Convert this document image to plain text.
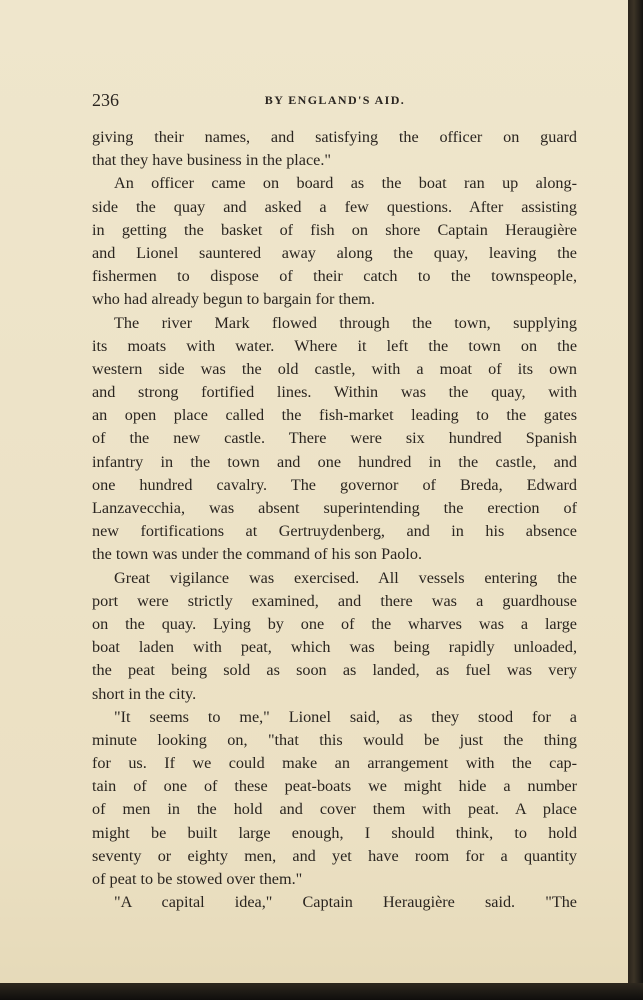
236	BY ENGLAND'S AID.
giving their names, and satisfying the officer on guard
that they have business in the place."
An officer came on board as the boat ran up along-
side the quay and asked a few questions. After assisting
in getting the basket of fish on shore Captain Heraugière
and Lionel sauntered away along the quay, leaving the
fishermen to dispose of their catch to the townspeople,
who had already begun to bargain for them.
The river Mark flowed through the town, supplying
its moats with water. Where it left the town on the
western side was the old castle, with a moat of its own
and strong fortified lines. Within was the quay, with
an open place called the fish-market leading to the gates
of the new castle. There were six hundred Spanish
infantry in the town and one hundred in the castle, and
one hundred cavalry. The governor of Breda, Edward
Lanzavecchia, was absent superintending the erection of
new fortifications at Gertruydenberg, and in his absence
the town was under the command of his son Paolo.
Great vigilance was exercised. All vessels entering the
port were strictly examined, and there was a guardhouse
on the quay. Lying by one of the wharves was a large
boat laden with peat, which was being rapidly unloaded,
the peat being sold as soon as landed, as fuel was very
short in the city.
"It seems to me," Lionel said, as they stood for a
minute looking on, "that this would be just the thing
for us. If we could make an arrangement with the cap-
tain of one of these peat-boats we might hide a number
of men in the hold and cover them with peat. A place
might be built large enough, I should think, to hold
seventy or eighty men, and yet have room for a quantity
of peat to be stowed over them."
"A capital idea," Captain Heraugière said. "The
